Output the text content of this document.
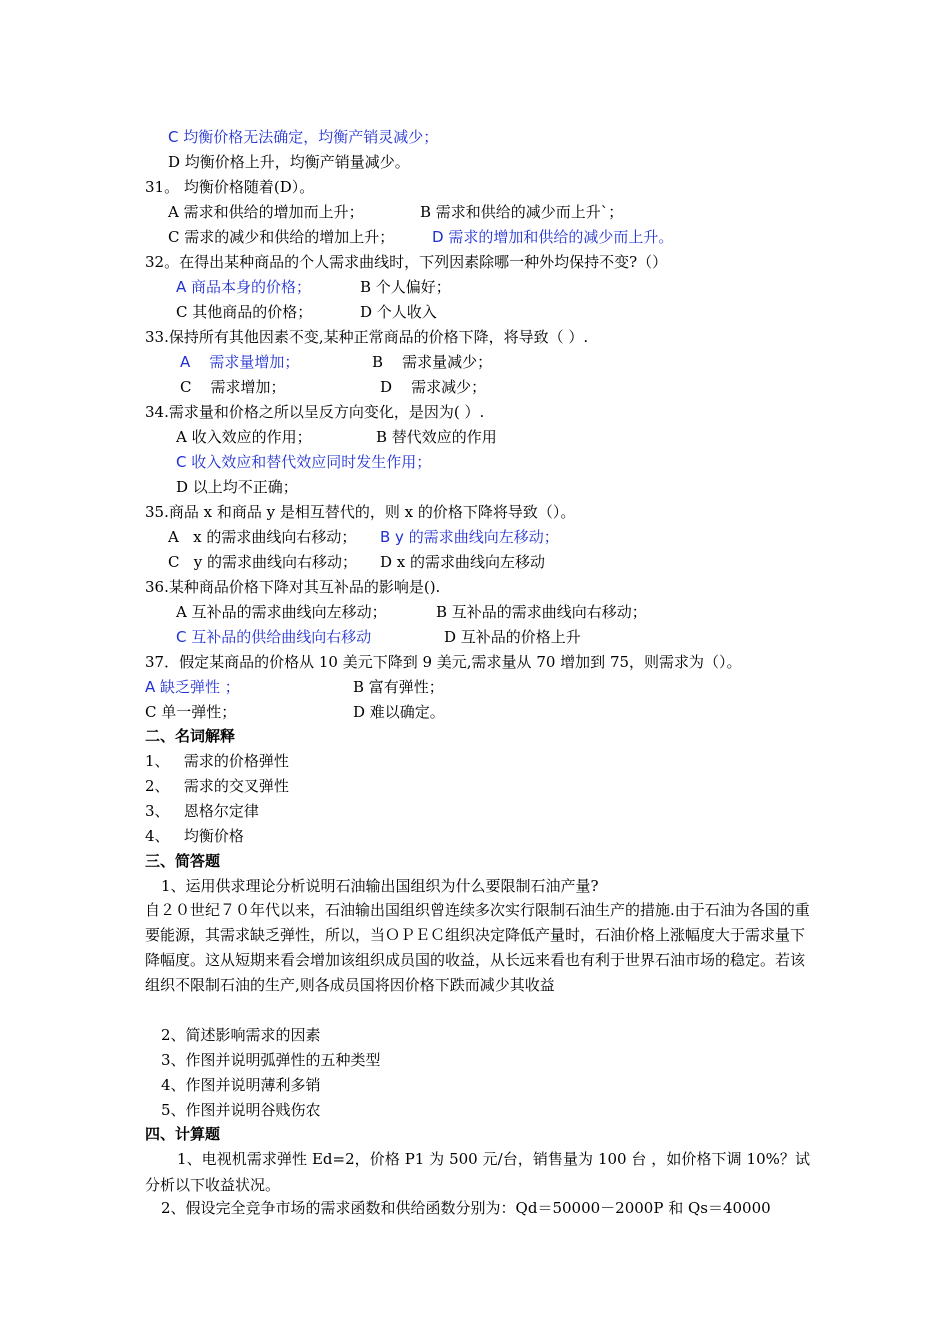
C 均衡价格无法确定，均衡产销灵减少；
D 均衡价格上升，均衡产销量减少。
31。 均衡价格随着(D）。
A 需求和供给的增加而上升；	B 需求和供给的减少而上升`；
C 需求的减少和供给的增加上升；	D 需求的增加和供给的减少而上升。
32。在得出某种商品的个人需求曲线时，下列因素除哪一种外均保持不变?（）
A 商品本身的价格；	B 个人偏好；
C 其他商品的价格；	D 个人收入
33.保持所有其他因素不变,某种正常商品的价格下降，将导致（ ）.
A    需求量增加；	B    需求量减少；
C    需求增加；	D    需求减少；
34.需求量和价格之所以呈反方向变化，是因为( ）.
A 收入效应的作用；	B 替代效应的作用
C 收入效应和替代效应同时发生作用；
D 以上均不正确；
35.商品 x 和商品 y 是相互替代的，则 x 的价格下降将导致（）。
A   x 的需求曲线向右移动； B y 的需求曲线向左移动；
C   y 的需求曲线向右移动； D x 的需求曲线向左移动
36.某种商品价格下降对其互补品的影响是().
A 互补品的需求曲线向左移动；	B 互补品的需求曲线向右移动；
C 互补品的供给曲线向右移动	D 互补品的价格上升
37．假定某商品的价格从 10 美元下降到 9 美元,需求量从 70 增加到 75，则需求为（）。
A 缺乏弹性 ；	B 富有弹性；
C 单一弹性；	D 难以确定。
二、名词解释
1、   需求的价格弹性
2、   需求的交叉弹性
3、   恩格尔定律
4、   均衡价格
三、简答题
1、运用供求理论分析说明石油输出国组织为什么要限制石油产量?
自２０世纪７０年代以来，石油输出国组织曾连续多次实行限制石油生产的措施.由于石油为各国的重要能源，其需求缺乏弹性，所以，当ＯＰＥＣ组织决定降低产量时，石油价格上涨幅度大于需求量下降幅度。这从短期来看会增加该组织成员国的收益，从长远来看也有利于世界石油市场的稳定。若该组织不限制石油的生产,则各成员国将因价格下跌而减少其收益
2、简述影响需求的因素
3、作图并说明弧弹性的五种类型
4、作图并说明薄利多销
5、作图并说明谷贱伤农
四、计算题
1、电视机需求弹性 Ed=2，价格 P1 为 500 元/台，销售量为 100 台 ，如价格下调 10%？试分析以下收益状况。
2、假设完全竞争市场的需求函数和供给函数分别为：Qd＝50000－2000P 和 Qs＝40000
